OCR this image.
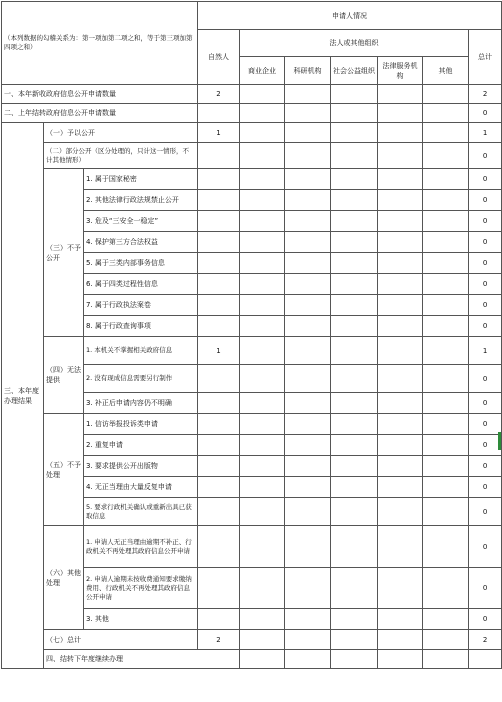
（本列数据的勾稽关系为：第一项加第二项之和，等于第三项加第四项之和）			申请人情况							
			自然人	法人或其他组织					总计	
				商业企业	科研机构	社会公益组织	法律服务机构	其他		
一、本年新收政府信息公开申请数量			2						2	
二、上年结转政府信息公开申请数量									0	
三、本年度办理结果	（一）予以公开		1						1	
	（二）部分公开（区分处理的，只计这一情形，不计其他情形）								0	
	（三）不予公开	1. 属于国家秘密							0	
		2. 其他法律行政法规禁止公开							0	
		3. 危及“三安全一稳定”							0	
		4. 保护第三方合法权益							0	
		5. 属于三类内部事务信息							0	
		6. 属于四类过程性信息							0	
		7. 属于行政执法案卷							0	
		8. 属于行政查询事项							0	
	（四）无法提供	1. 本机关不掌握相关政府信息	1						1	
		2. 没有现成信息需要另行制作							0	
		3. 补正后申请内容仍不明确							0	
	（五）不予处理	1. 信访举报投诉类申请							0	
		2. 重复申请							0	
		3. 要求提供公开出版物							0	
		4. 无正当理由大量反复申请							0	
		5. 要求行政机关确认或重新出具已获取信息							0	
	（六）其他处理	1. 申请人无正当理由逾期不补正、行政机关不再处理其政府信息公开申请							0	
		2. 申请人逾期未按收费通知要求缴纳费用、行政机关不再处理其政府信息公开申请							0	
		3. 其他							0	
	（七）总计		2						2	
	四、结转下年度继续办理							
